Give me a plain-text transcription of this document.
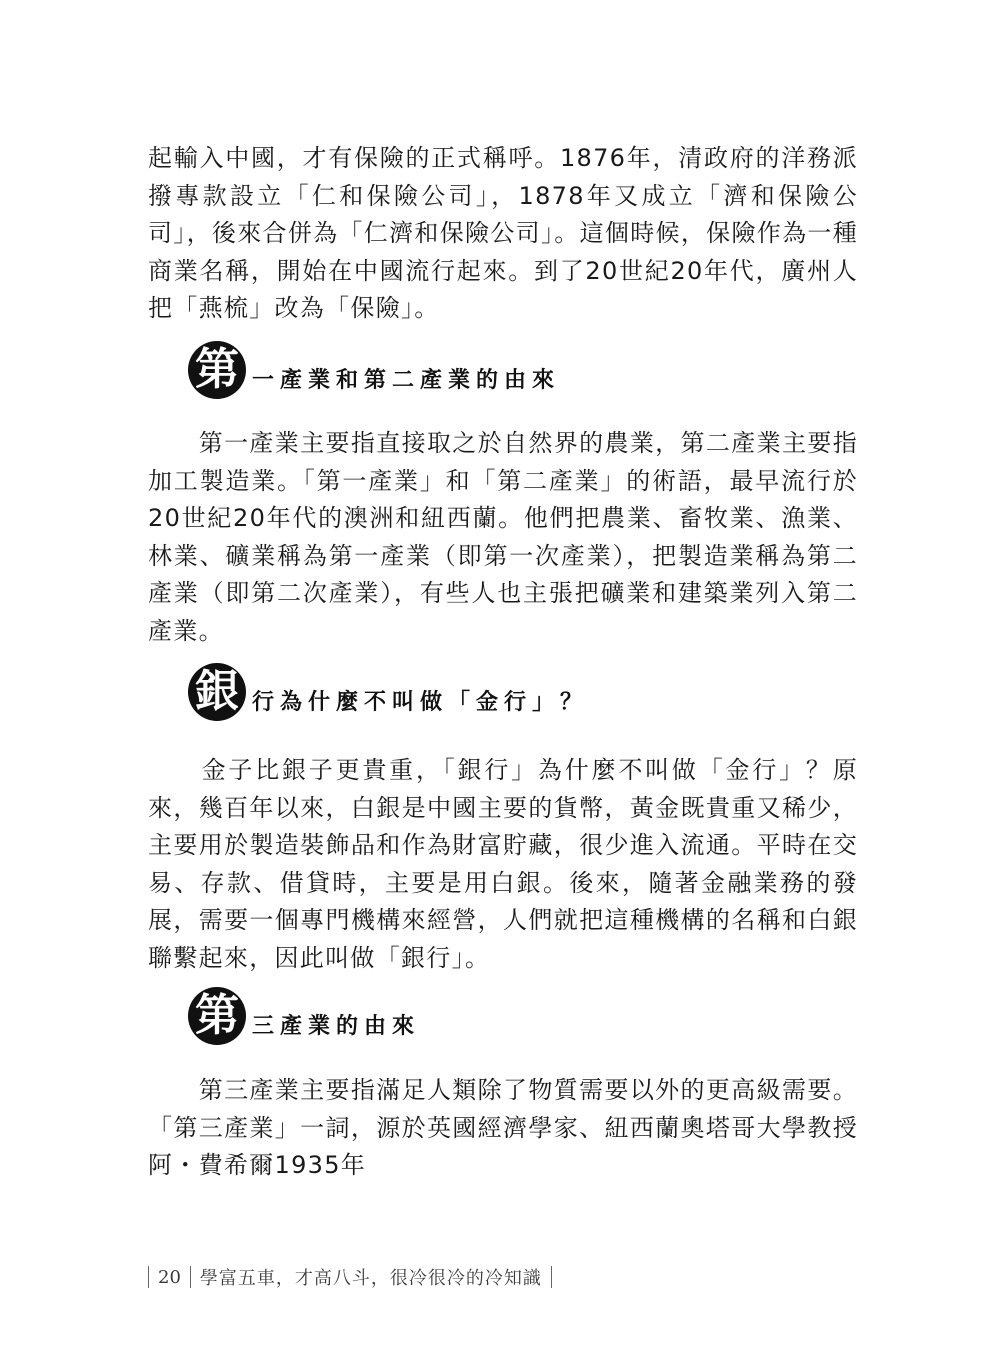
起輸入中國，才有保險的正式稱呼。1876年，清政府的洋務派撥專款設立「仁和保險公司」，1878年又成立「濟和保險公司」，後來合併為「仁濟和保險公司」。這個時候，保險作為一種商業名稱，開始在中國流行起來。到了20世紀20年代，廣州人把「燕梳」改為「保險」。

第 一產業和第二產業的由來

　　第一產業主要指直接取之於自然界的農業，第二產業主要指加工製造業。「第一產業」和「第二產業」的術語，最早流行於20世紀20年代的澳洲和紐西蘭。他們把農業、畜牧業、漁業、林業、礦業稱為第一產業（即第一次產業），把製造業稱為第二產業（即第二次產業），有些人也主張把礦業和建築業列入第二產業。

銀 行為什麼不叫做「金行」？

　　金子比銀子更貴重，「銀行」為什麼不叫做「金行」？原來，幾百年以來，白銀是中國主要的貨幣，黃金既貴重又稀少，主要用於製造裝飾品和作為財富貯藏，很少進入流通。平時在交易、存款、借貸時，主要是用白銀。後來，隨著金融業務的發展，需要一個專門機構來經營，人們就把這種機構的名稱和白銀聯繫起來，因此叫做「銀行」。

第 三產業的由來

　　第三產業主要指滿足人類除了物質需要以外的更高級需要。「第三產業」一詞，源於英國經濟學家、紐西蘭奧塔哥大學教授阿・費希爾1935年

20 學富五車，才高八斗，很冷很冷的冷知識
